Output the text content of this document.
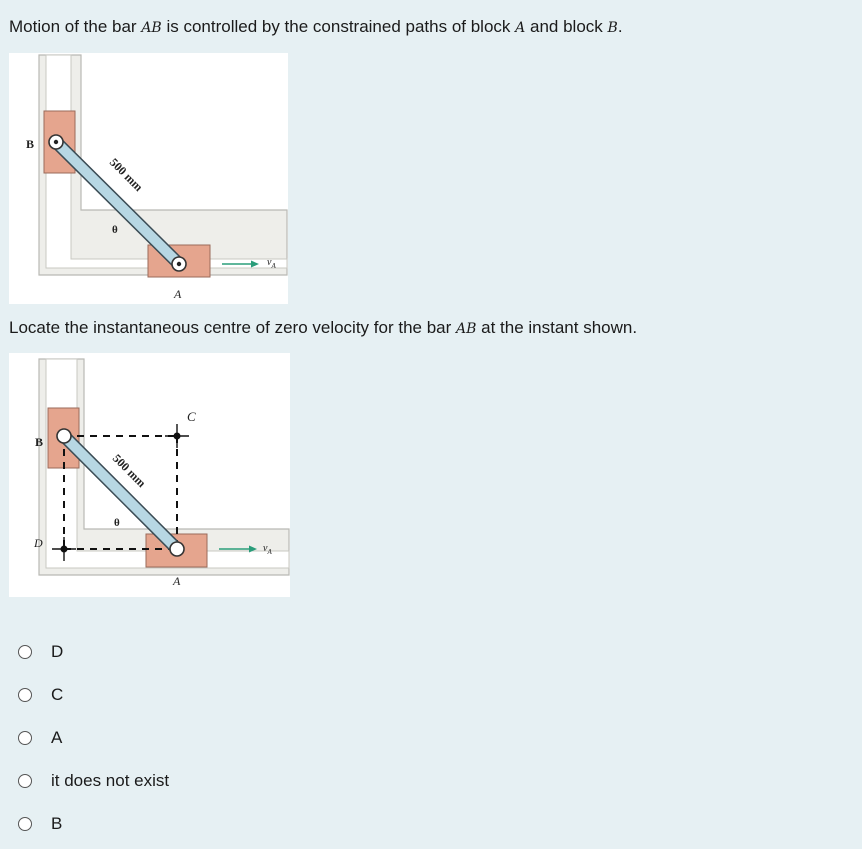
Motion of the bar AB is controlled by the constrained paths of block A and block B.
$v_A$
B
A
θ
500 mm
Locate the instantaneous centre of zero velocity for the bar AB at the instant shown.
$v_A$
B
A
C
D
θ
500 mm
D
C
A
it does not exist
B
